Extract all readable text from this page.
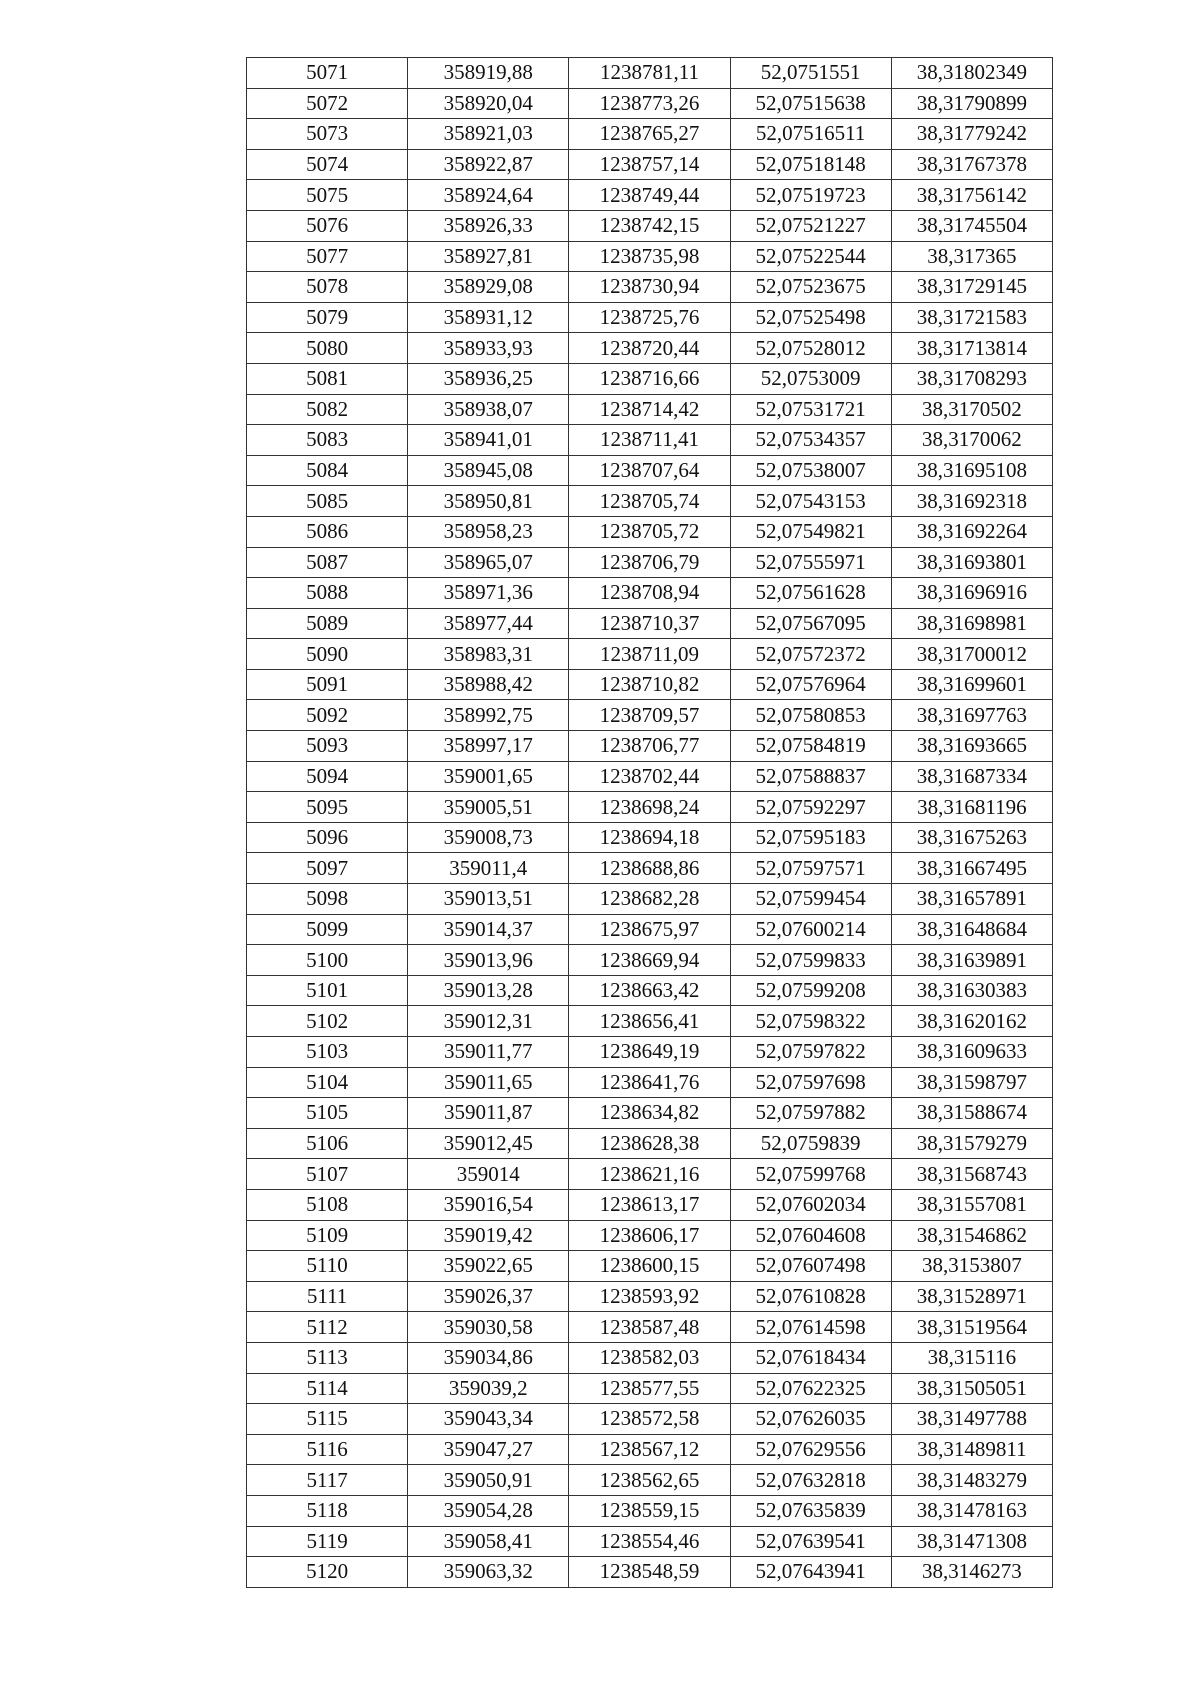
5071	358919,88	1238781,11	52,0751551	38,31802349
5072	358920,04	1238773,26	52,07515638	38,31790899
5073	358921,03	1238765,27	52,07516511	38,31779242
5074	358922,87	1238757,14	52,07518148	38,31767378
5075	358924,64	1238749,44	52,07519723	38,31756142
5076	358926,33	1238742,15	52,07521227	38,31745504
5077	358927,81	1238735,98	52,07522544	38,317365
5078	358929,08	1238730,94	52,07523675	38,31729145
5079	358931,12	1238725,76	52,07525498	38,31721583
5080	358933,93	1238720,44	52,07528012	38,31713814
5081	358936,25	1238716,66	52,0753009	38,31708293
5082	358938,07	1238714,42	52,07531721	38,3170502
5083	358941,01	1238711,41	52,07534357	38,3170062
5084	358945,08	1238707,64	52,07538007	38,31695108
5085	358950,81	1238705,74	52,07543153	38,31692318
5086	358958,23	1238705,72	52,07549821	38,31692264
5087	358965,07	1238706,79	52,07555971	38,31693801
5088	358971,36	1238708,94	52,07561628	38,31696916
5089	358977,44	1238710,37	52,07567095	38,31698981
5090	358983,31	1238711,09	52,07572372	38,31700012
5091	358988,42	1238710,82	52,07576964	38,31699601
5092	358992,75	1238709,57	52,07580853	38,31697763
5093	358997,17	1238706,77	52,07584819	38,31693665
5094	359001,65	1238702,44	52,07588837	38,31687334
5095	359005,51	1238698,24	52,07592297	38,31681196
5096	359008,73	1238694,18	52,07595183	38,31675263
5097	359011,4	1238688,86	52,07597571	38,31667495
5098	359013,51	1238682,28	52,07599454	38,31657891
5099	359014,37	1238675,97	52,07600214	38,31648684
5100	359013,96	1238669,94	52,07599833	38,31639891
5101	359013,28	1238663,42	52,07599208	38,31630383
5102	359012,31	1238656,41	52,07598322	38,31620162
5103	359011,77	1238649,19	52,07597822	38,31609633
5104	359011,65	1238641,76	52,07597698	38,31598797
5105	359011,87	1238634,82	52,07597882	38,31588674
5106	359012,45	1238628,38	52,0759839	38,31579279
5107	359014	1238621,16	52,07599768	38,31568743
5108	359016,54	1238613,17	52,07602034	38,31557081
5109	359019,42	1238606,17	52,07604608	38,31546862
5110	359022,65	1238600,15	52,07607498	38,3153807
5111	359026,37	1238593,92	52,07610828	38,31528971
5112	359030,58	1238587,48	52,07614598	38,31519564
5113	359034,86	1238582,03	52,07618434	38,315116
5114	359039,2	1238577,55	52,07622325	38,31505051
5115	359043,34	1238572,58	52,07626035	38,31497788
5116	359047,27	1238567,12	52,07629556	38,31489811
5117	359050,91	1238562,65	52,07632818	38,31483279
5118	359054,28	1238559,15	52,07635839	38,31478163
5119	359058,41	1238554,46	52,07639541	38,31471308
5120	359063,32	1238548,59	52,07643941	38,3146273
